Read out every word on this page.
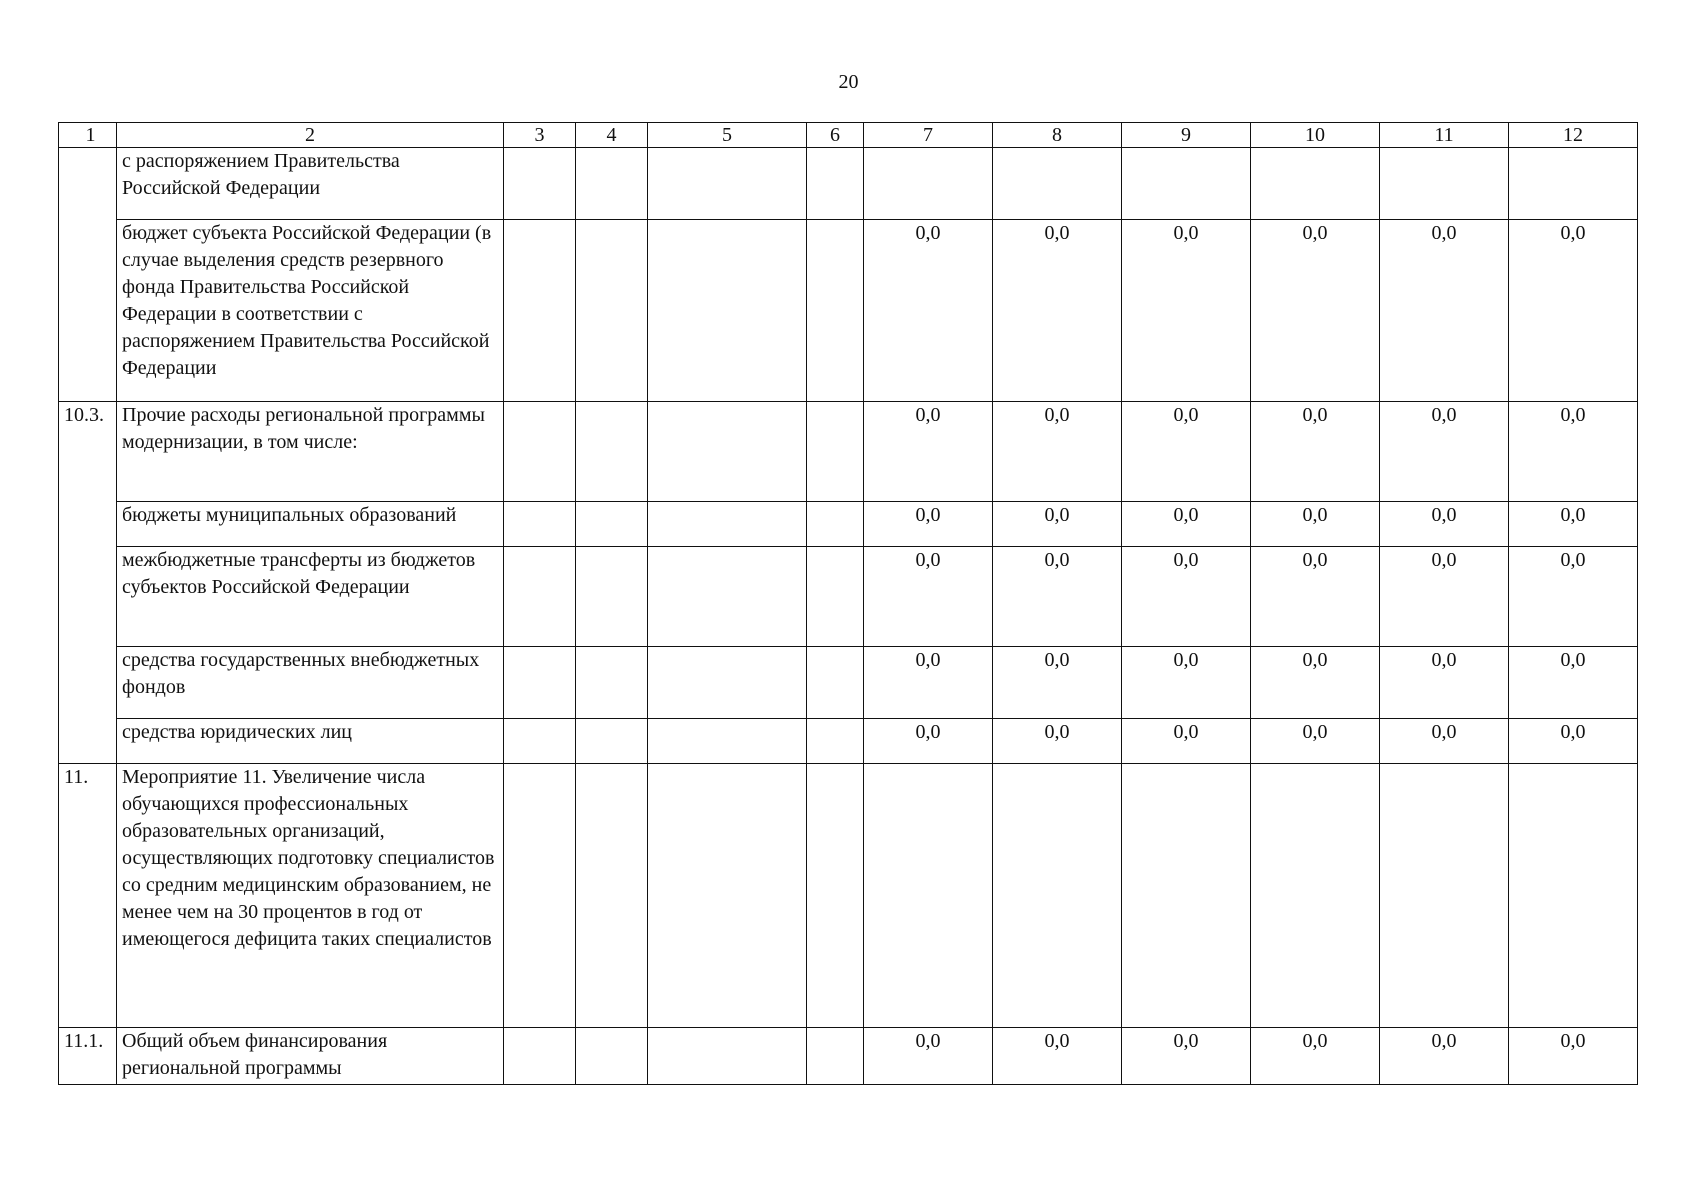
20
1	2	3	4	5	6	7	8	9	10	11	12
	с распоряжением Правительства Российской Федерации										
	бюджет субъекта Российской Федерации (в случае выделения средств резервного фонда Правительства Российской Федерации в соответствии с распоряжением Правительства Российской Федерации					0,0	0,0	0,0	0,0	0,0	0,0
10.3.	Прочие расходы региональной программы модернизации, в том числе:					0,0	0,0	0,0	0,0	0,0	0,0
	бюджеты муниципальных образований					0,0	0,0	0,0	0,0	0,0	0,0
	межбюджетные трансферты из бюджетов субъектов Российской Федерации					0,0	0,0	0,0	0,0	0,0	0,0
	средства государственных внебюджетных фондов					0,0	0,0	0,0	0,0	0,0	0,0
	средства юридических лиц					0,0	0,0	0,0	0,0	0,0	0,0
11.	Мероприятие 11. Увеличение числа обучающихся профессиональных образовательных организаций, осуществляющих подготовку специалистов со средним медицинским образованием, не менее чем на 30 процентов в год от имеющегося дефицита таких специалистов										
11.1.	Общий объем финансирования региональной программы					0,0	0,0	0,0	0,0	0,0	0,0
